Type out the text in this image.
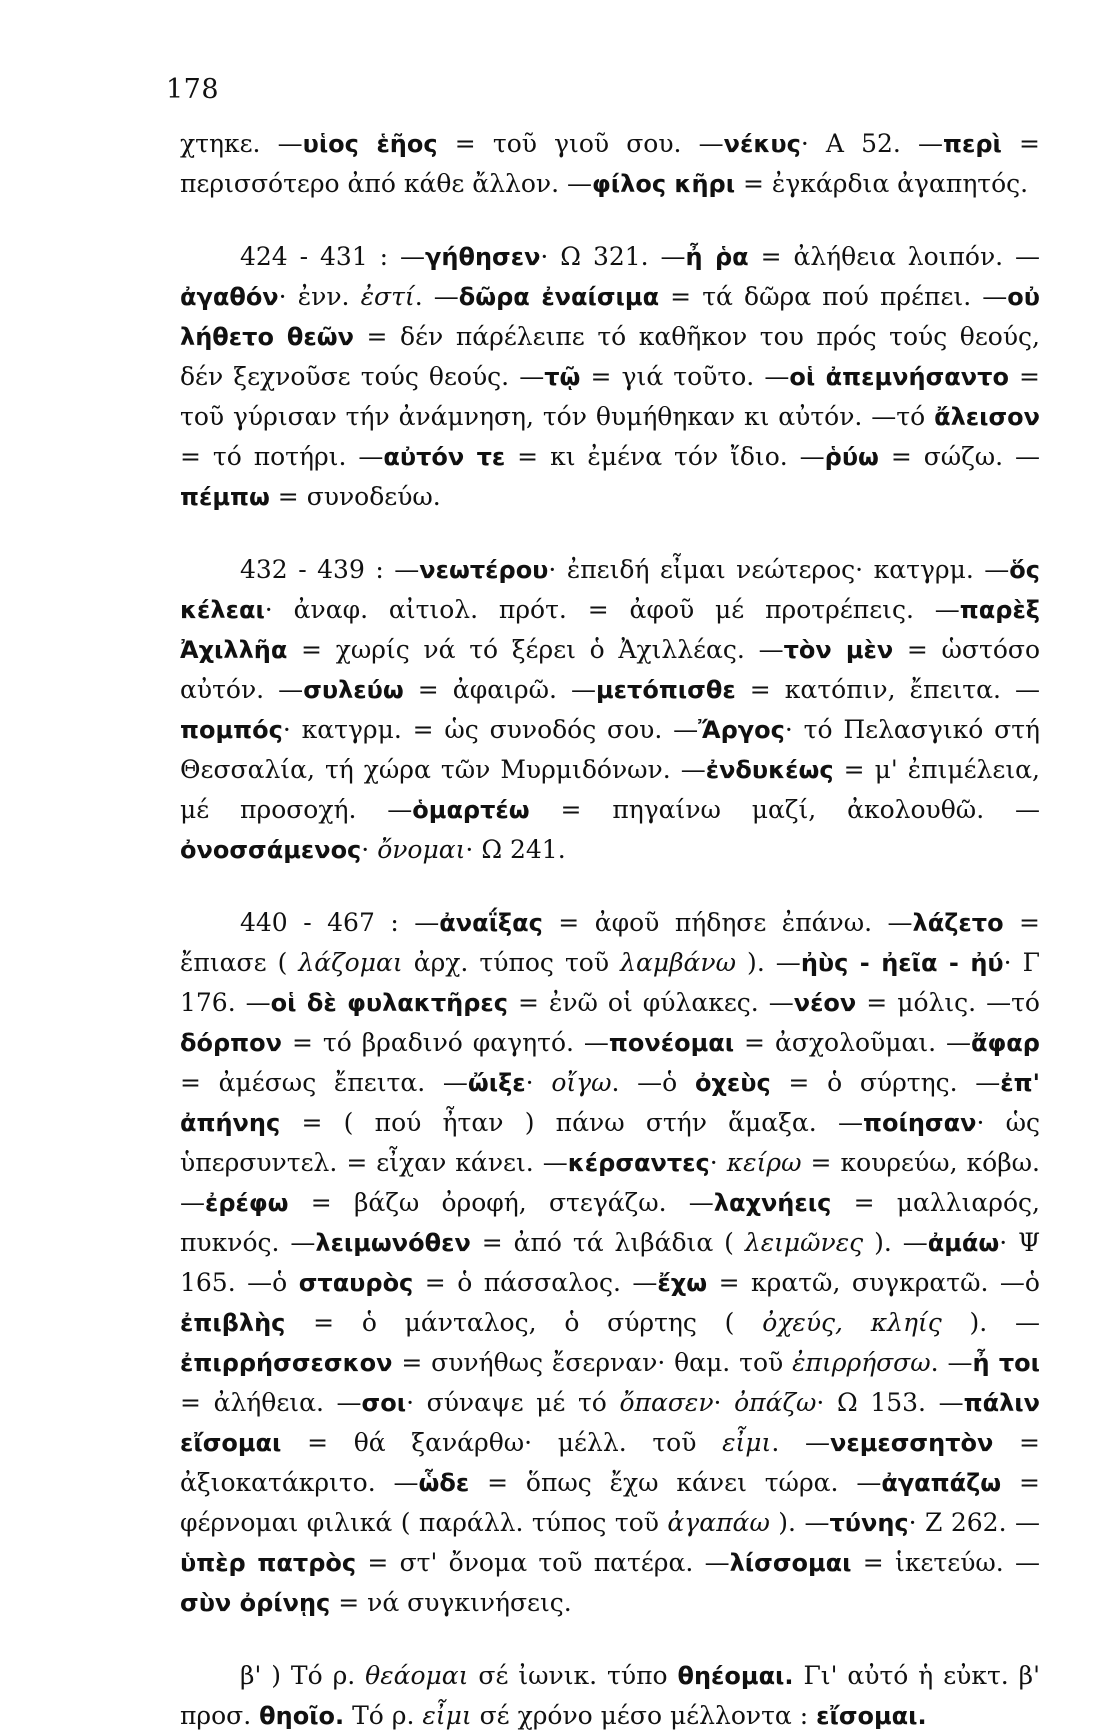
178

χτηκε. —υἱος ἑῆος = τοῦ γιοῦ σου. —νέκυς· Α 52. —περὶ = περισσότερο ἀπό κάθε ἄλλον. —φίλος κῆρι = ἐγκάρδια ἀγαπητός.

424 - 431 : —γήθησεν· Ω 321. —ἦ ῥα = ἀλήθεια λοιπόν. —ἀγαθόν· ἐνν. ἐστί. —δῶρα ἐναίσιμα = τά δῶρα πού πρέπει. —οὐ λήθετο θεῶν = δέν πάρέλειπε τό καθῆκον του πρός τούς θεούς, δέν ξεχνοῦσε τούς θεούς. —τῷ = γιά τοῦτο. —οἱ ἀπεμνήσαντο = τοῦ γύρισαν τήν ἀνάμνηση, τόν θυμήθηκαν κι αὐτόν. —τό ἄλεισον = τό ποτήρι. —αὐτόν τε = κι ἐμένα τόν ἴδιο. —ῥύω = σώζω. —πέμπω = συνοδεύω.

432 - 439 : —νεωτέρου· ἐπειδή εἶμαι νεώτερος· κατγρμ. —ὅς κέλεαι· ἀναφ. αἰτιολ. πρότ. = ἀφοῦ μέ προτρέπεις. —παρὲξ Ἀχιλλῆα = χωρίς νά τό ξέρει ὁ Ἀχιλλέας. —τὸν μὲν = ὡστόσο αὐτόν. —συλεύω = ἀφαιρῶ. —μετόπισθε = κατόπιν, ἔπειτα. —πομπός· κατγρμ. = ὡς συνοδός σου. —Ἄργος· τό Πελασγικό στή Θεσσαλία, τή χώρα τῶν Μυρμιδόνων. —ἐνδυκέως = μ' ἐπιμέλεια, μέ προσοχή. —ὁμαρτέω = πηγαίνω μαζί, ἀκολουθῶ. —ὀνοσσάμενος· ὄνομαι· Ω 241.

440 - 467 : —ἀναΐξας = ἀφοῦ πήδησε ἐπάνω. —λάζετο = ἔπιασε ( λάζομαι ἀρχ. τύπος τοῦ λαμβάνω ). —ἠὺς - ἠεῖα - ἠύ· Γ 176. —οἱ δὲ φυλακτῆρες = ἐνῶ οἱ φύλακες. —νέον = μόλις. —τό δόρπον = τό βραδινό φαγητό. —πονέομαι = ἀσχολοῦμαι. —ἄφαρ = ἀμέσως ἔπειτα. —ὤιξε· οἴγω. —ὁ ὀχεὺς = ὁ σύρτης. —ἐπ' ἀπήνης = ( πού ἦταν ) πάνω στήν ἅμαξα. —ποίησαν· ὡς ὑπερσυντελ. = εἶχαν κάνει. —κέρσαντες· κείρω = κουρεύω, κόβω. —ἐρέφω = βάζω ὀροφή, στεγάζω. —λαχνήεις = μαλλιαρός, πυκνός. —λειμωνόθεν = ἀπό τά λιβάδια ( λειμῶνες ). —ἀμάω· Ψ 165. —ὁ σταυρὸς = ὁ πάσσαλος. —ἔχω = κρατῶ, συγκρατῶ. —ὁ ἐπιβλὴς = ὁ μάνταλος, ὁ σύρτης ( ὀχεύς, κληίς ). —ἐπιρρήσσεσκον = συνήθως ἔσερναν· θαμ. τοῦ ἐπιρρήσσω. —ἦ τοι = ἀλήθεια. —σοι· σύναψε μέ τό ὄπασεν· ὀπάζω· Ω 153. —πάλιν εἴσομαι = θά ξανάρθω· μέλλ. τοῦ εἶμι. —νεμεσσητὸν = ἀξιοκατάκριτο. —ὧδε = ὅπως ἔχω κάνει τώρα. —ἀγαπάζω = φέρνομαι φιλικά ( παράλλ. τύπος τοῦ ἀγαπάω ). —τύνης· Ζ 262. —ὑπὲρ πατρὸς = στ' ὄνομα τοῦ πατέρα. —λίσσομαι = ἱκετεύω. —σὺν ὀρίνῃς = νά συγκινήσεις.

β' ) Τό ρ. θεάομαι σέ ἰωνικ. τύπο θηέομαι. Γι' αὐτό ἡ εὐκτ. β' προσ. θηοῖο. Τό ρ. εἶμι σέ χρόνο μέσο μέλλοντα : εἴσομαι.
